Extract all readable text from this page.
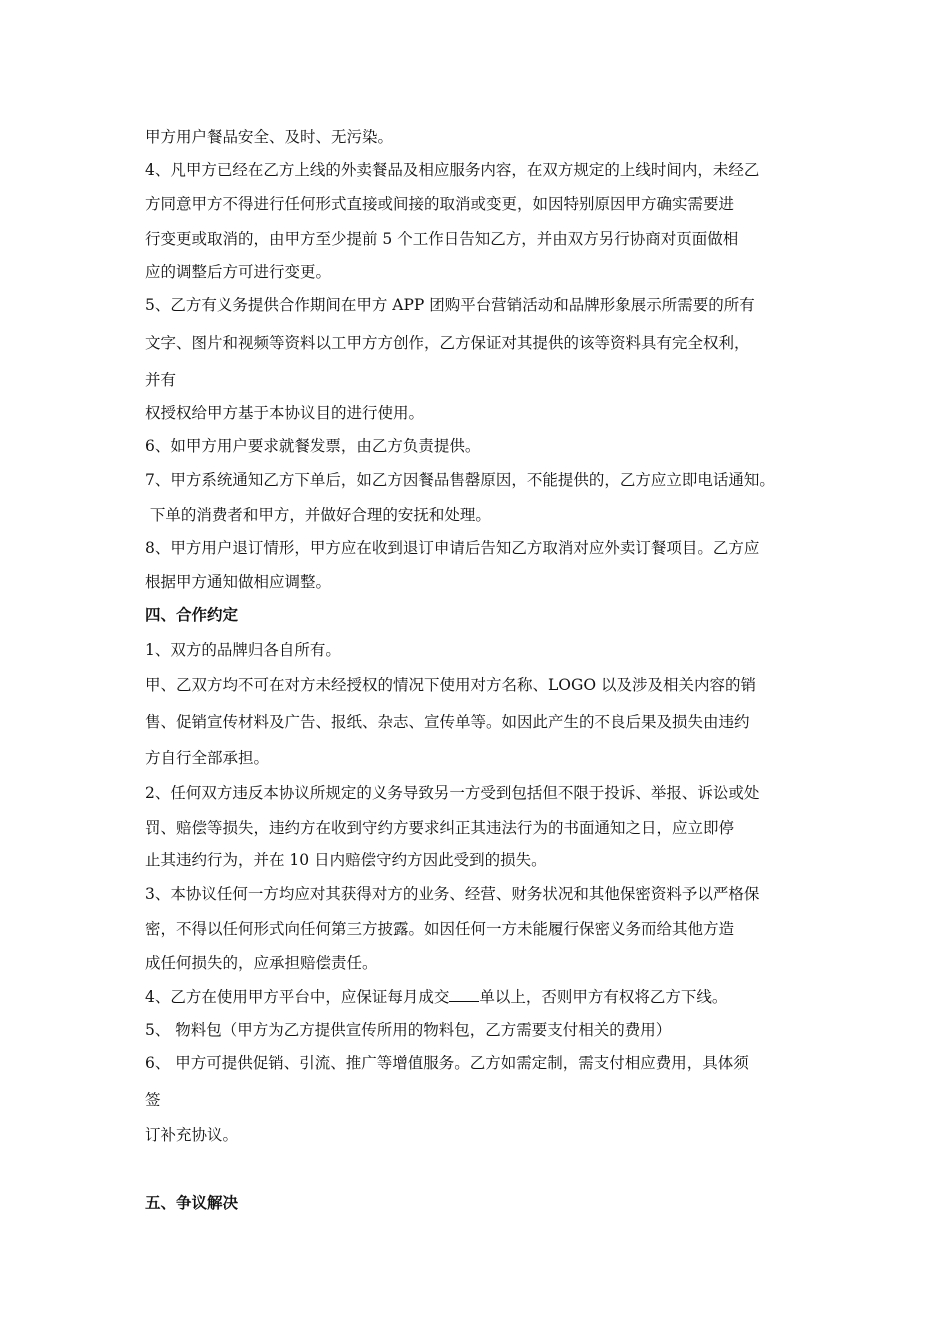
甲方用户餐品安全、及时、无污染。
4、凡甲方已经在乙方上线的外卖餐品及相应服务内容，在双方规定的上线时间内，未经乙
方同意甲方不得进行任何形式直接或间接的取消或变更，如因特别原因甲方确实需要进
行变更或取消的，由甲方至少提前 5 个工作日告知乙方，并由双方另行协商对页面做相
应的调整后方可进行变更。
5、乙方有义务提供合作期间在甲方 APP 团购平台营销活动和品牌形象展示所需要的所有
文字、图片和视频等资料以工甲方方创作，乙方保证对其提供的该等资料具有完全权利，
并有
权授权给甲方基于本协议目的进行使用。
6、如甲方用户要求就餐发票，由乙方负责提供。
7、甲方系统通知乙方下单后，如乙方因餐品售罄原因，不能提供的，乙方应立即电话通知。
下单的消费者和甲方，并做好合理的安抚和处理。
8、甲方用户退订情形，甲方应在收到退订申请后告知乙方取消对应外卖订餐项目。乙方应
根据甲方通知做相应调整。
四、合作约定
1、双方的品牌归各自所有。
甲、乙双方均不可在对方未经授权的情况下使用对方名称、LOGO 以及涉及相关内容的销
售、促销宣传材料及广告、报纸、杂志、宣传单等。如因此产生的不良后果及损失由违约
方自行全部承担。
2、任何双方违反本协议所规定的义务导致另一方受到包括但不限于投诉、举报、诉讼或处
罚、赔偿等损失，违约方在收到守约方要求纠正其违法行为的书面通知之日，应立即停
止其违约行为，并在 10 日内赔偿守约方因此受到的损失。
3、本协议任何一方均应对其获得对方的业务、经营、财务状况和其他保密资料予以严格保
密，不得以任何形式向任何第三方披露。如因任何一方未能履行保密义务而给其他方造
成任何损失的，应承担赔偿责任。
4、乙方在使用甲方平台中，应保证每月成交 单以上，否则甲方有权将乙方下线。
5、 物料包（甲方为乙方提供宣传所用的物料包，乙方需要支付相关的费用）
6、 甲方可提供促销、引流、推广等增值服务。乙方如需定制，需支付相应费用，具体须
签
订补充协议。
五、争议解决
